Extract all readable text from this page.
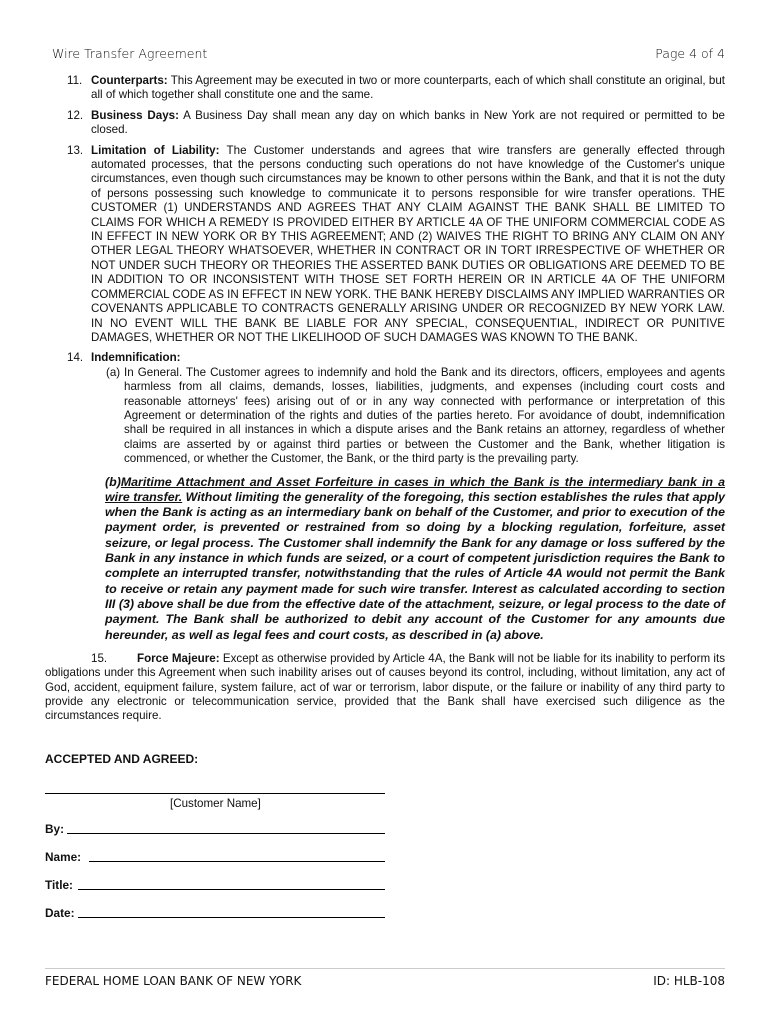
Wire Transfer Agreement	Page 4 of 4
11. Counterparts: This Agreement may be executed in two or more counterparts, each of which shall constitute an original, but all of which together shall constitute one and the same.
12. Business Days: A Business Day shall mean any day on which banks in New York are not required or permitted to be closed.
13. Limitation of Liability: The Customer understands and agrees that wire transfers are generally effected through automated processes, that the persons conducting such operations do not have knowledge of the Customer's unique circumstances, even though such circumstances may be known to other persons within the Bank, and that it is not the duty of persons possessing such knowledge to communicate it to persons responsible for wire transfer operations. THE CUSTOMER (1) UNDERSTANDS AND AGREES THAT ANY CLAIM AGAINST THE BANK SHALL BE LIMITED TO CLAIMS FOR WHICH A REMEDY IS PROVIDED EITHER BY ARTICLE 4A OF THE UNIFORM COMMERCIAL CODE AS IN EFFECT IN NEW YORK OR BY THIS AGREEMENT; AND (2) WAIVES THE RIGHT TO BRING ANY CLAIM ON ANY OTHER LEGAL THEORY WHATSOEVER, WHETHER IN CONTRACT OR IN TORT IRRESPECTIVE OF WHETHER OR NOT UNDER SUCH THEORY OR THEORIES THE ASSERTED BANK DUTIES OR OBLIGATIONS ARE DEEMED TO BE IN ADDITION TO OR INCONSISTENT WITH THOSE SET FORTH HEREIN OR IN ARTICLE 4A OF THE UNIFORM COMMERCIAL CODE AS IN EFFECT IN NEW YORK. THE BANK HEREBY DISCLAIMS ANY IMPLIED WARRANTIES OR COVENANTS APPLICABLE TO CONTRACTS GENERALLY ARISING UNDER OR RECOGNIZED BY NEW YORK LAW. IN NO EVENT WILL THE BANK BE LIABLE FOR ANY SPECIAL, CONSEQUENTIAL, INDIRECT OR PUNITIVE DAMAGES, WHETHER OR NOT THE LIKELIHOOD OF SUCH DAMAGES WAS KNOWN TO THE BANK.
14. Indemnification:
(a) In General. The Customer agrees to indemnify and hold the Bank and its directors, officers, employees and agents harmless from all claims, demands, losses, liabilities, judgments, and expenses (including court costs and reasonable attorneys' fees) arising out of or in any way connected with performance or interpretation of this Agreement or determination of the rights and duties of the parties hereto. For avoidance of doubt, indemnification shall be required in all instances in which a dispute arises and the Bank retains an attorney, regardless of whether claims are asserted by or against third parties or between the Customer and the Bank, whether litigation is commenced, or whether the Customer, the Bank, or the third party is the prevailing party.
(b)Maritime Attachment and Asset Forfeiture in cases in which the Bank is the intermediary bank in a wire transfer. Without limiting the generality of the foregoing, this section establishes the rules that apply when the Bank is acting as an intermediary bank on behalf of the Customer, and prior to execution of the payment order, is prevented or restrained from so doing by a blocking regulation, forfeiture, asset seizure, or legal process. The Customer shall indemnify the Bank for any damage or loss suffered by the Bank in any instance in which funds are seized, or a court of competent jurisdiction requires the Bank to complete an interrupted transfer, notwithstanding that the rules of Article 4A would not permit the Bank to receive or retain any payment made for such wire transfer. Interest as calculated according to section III (3) above shall be due from the effective date of the attachment, seizure, or legal process to the date of payment. The Bank shall be authorized to debit any account of the Customer for any amounts due hereunder, as well as legal fees and court costs, as described in (a) above.
15.	Force Majeure: Except as otherwise provided by Article 4A, the Bank will not be liable for its inability to perform its obligations under this Agreement when such inability arises out of causes beyond its control, including, without limitation, any act of God, accident, equipment failure, system failure, act of war or terrorism, labor dispute, or the failure or inability of any third party to provide any electronic or telecommunication service, provided that the Bank shall have exercised such diligence as the circumstances require.
ACCEPTED AND AGREED:
[Customer Name]
By:
Name:
Title:
Date:
FEDERAL HOME LOAN BANK OF NEW YORK	ID: HLB-108
